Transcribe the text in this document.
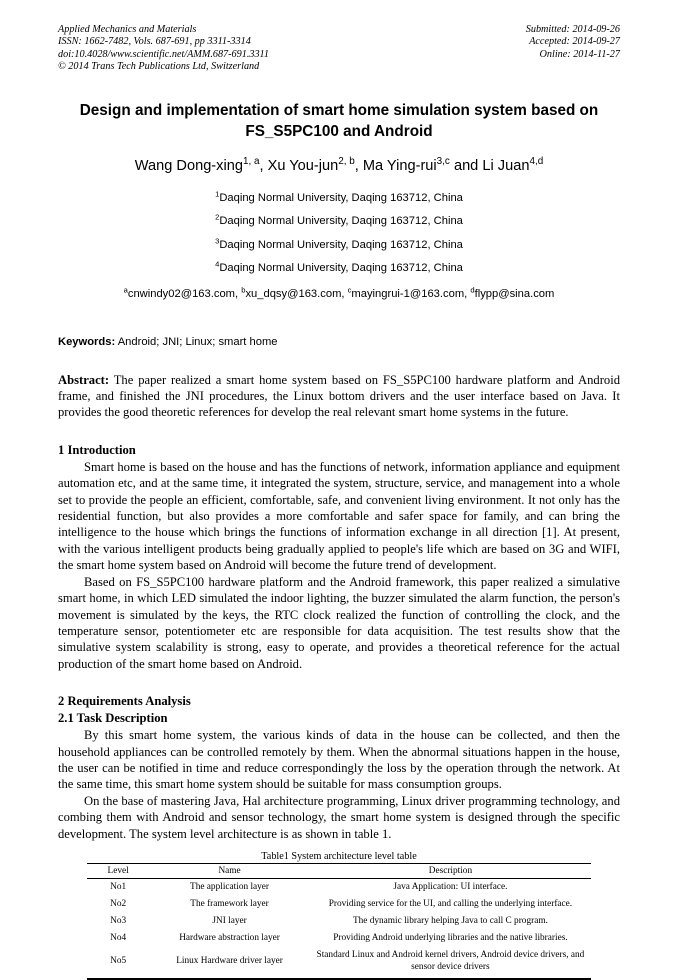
Applied Mechanics and Materials
ISSN: 1662-7482, Vols. 687-691, pp 3311-3314
doi:10.4028/www.scientific.net/AMM.687-691.3311
© 2014 Trans Tech Publications Ltd, Switzerland
Submitted: 2014-09-26
Accepted: 2014-09-27
Online: 2014-11-27
Design and implementation of smart home simulation system based on
FS_S5PC100 and Android
Wang Dong-xing$^{1, a}$, Xu You-jun$^{2, b}$, Ma Ying-rui$^{3,c}$ and Li Juan$^{4,d}$
$^1$Daqing Normal University, Daqing 163712, China
$^2$Daqing Normal University, Daqing 163712, China
$^3$Daqing Normal University, Daqing 163712, China
$^4$Daqing Normal University, Daqing 163712, China
$^a$cnwindy02@163.com, $^b$xu_dqsy@163.com, $^c$mayingrui-1@163.com, $^d$flypp@sina.com
Keywords: Android; JNI; Linux; smart home
Abstract: The paper realized a smart home system based on FS_S5PC100 hardware platform and Android frame, and finished the JNI procedures, the Linux bottom drivers and the user interface based on Java. It provides the good theoretic references for develop the real relevant smart home systems in the future.
1 Introduction

Smart home is based on the house and has the functions of network, information appliance and equipment automation etc, and at the same time, it integrated the system, structure, service, and management into a whole set to provide the people an efficient, comfortable, safe, and convenient living environment. It not only has the residential function, but also provides a more comfortable and safer space for family, and can bring the intelligence to the house which brings the functions of information exchange in all direction [1]. At present, with the various intelligent products being gradually applied to people's life which are based on 3G and WIFI, the smart home system based on Android will become the future trend of development.

Based on FS_S5PC100 hardware platform and the Android framework, this paper realized a simulative smart home, in which LED simulated the indoor lighting, the buzzer simulated the alarm function, the person's movement is simulated by the keys, the RTC clock realized the function of controlling the clock, and the temperature sensor, potentiometer etc are responsible for data acquisition. The test results show that the simulative system scalability is strong, easy to operate, and provides a theoretical reference for the actual production of the smart home based on Android.

2 Requirements Analysis
2.1 Task Description

By this smart home system, the various kinds of data in the house can be collected, and then the household appliances can be controlled remotely by them. When the abnormal situations happen in the house, the user can be notified in time and reduce correspondingly the loss by the operation through the network. At the same time, this smart home system should be suitable for mass consumption groups.

On the base of mastering Java, Hal architecture programming, Linux driver programming technology, and combing them with Android and sensor technology, the smart home system is designed through the specific development. The system level architecture is as shown in table 1.

Table1 System architecture level table
Level	Name	Description
No1	The application layer	Java Application: UI interface.
No2	The framework layer	Providing service for the UI, and calling the underlying interface.
No3	JNI layer	The dynamic library helping Java to call C program.
No4	Hardware abstraction layer	Providing Android underlying libraries and the native libraries.
No5	Linux Hardware driver layer	Standard Linux and Android kernel drivers, Android device drivers, and sensor device drivers
